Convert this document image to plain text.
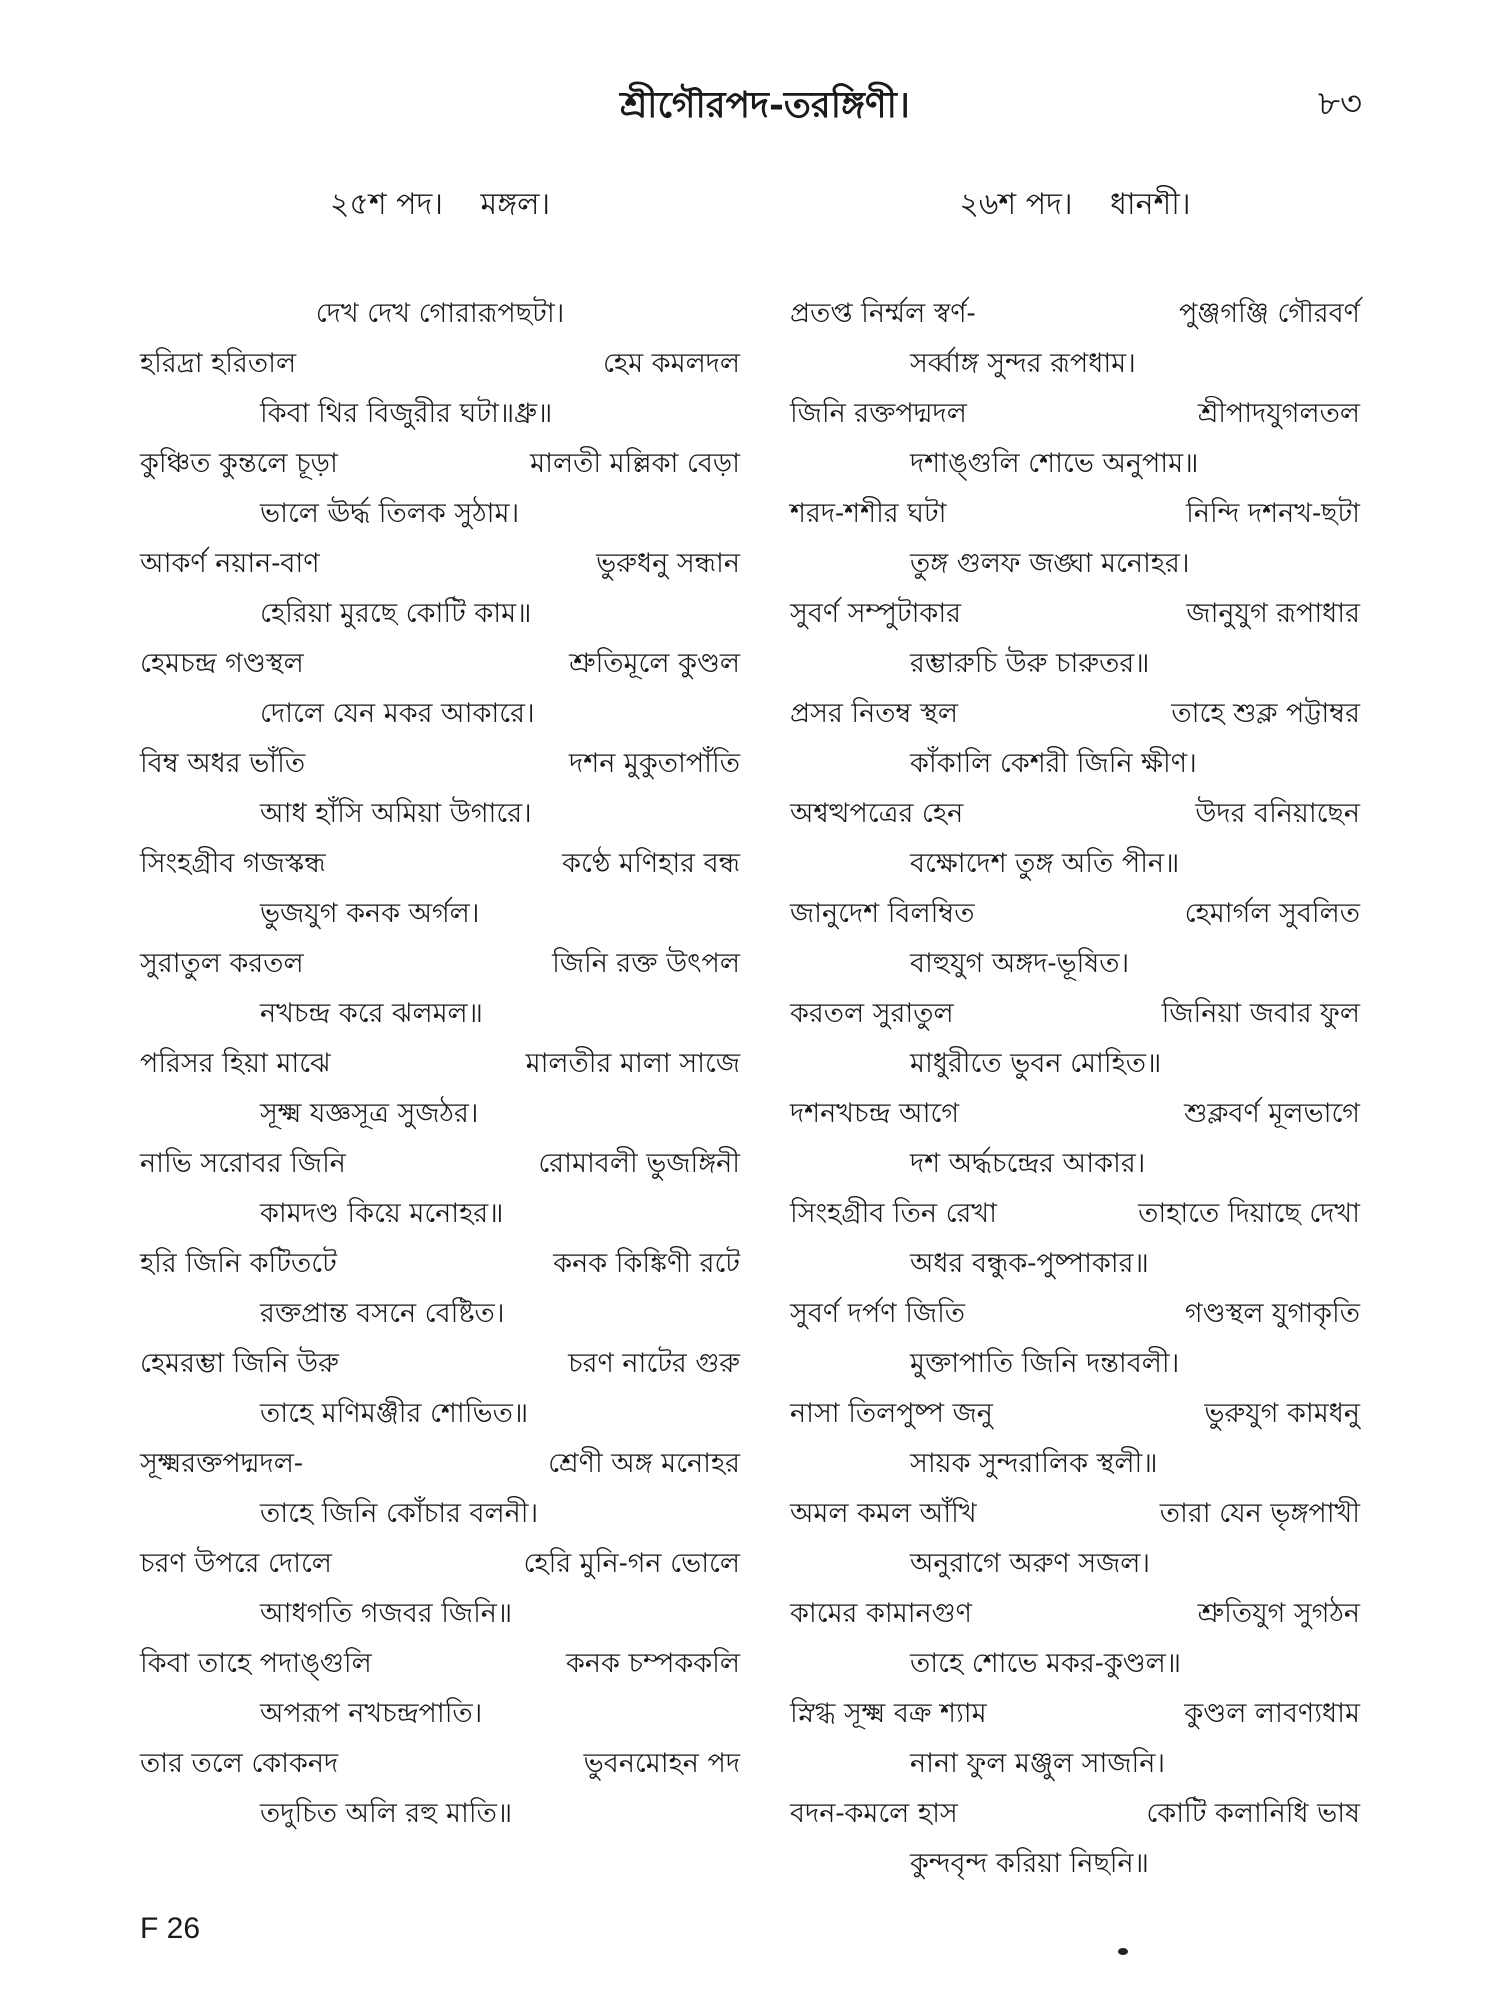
শ্রীগৌরপদ-তরঙ্গিণী।	৮৩
২৫শ পদ। মঙ্গল।
দেখ দেখ গোরারূপছটা।
হরিদ্রা হরিতাল	হেম কমলদল
কিবা থির বিজুরীর ঘটা॥ধ্রু॥
কুঞ্চিত কুন্তলে চূড়া	মালতী মল্লিকা বেড়া
ভালে ঊর্দ্ধ তিলক সুঠাম।
আকর্ণ নয়ান-বাণ	ভুরুধনু সন্ধান
হেরিয়া মুরছে কোটি কাম॥
হেমচন্দ্র গণ্ডস্থল	শ্রুতিমূলে কুণ্ডল
দোলে যেন মকর আকারে।
বিম্ব অধর ভাঁতি	দশন মুকুতাপাঁতি
আধ হাঁসি অমিয়া উগারে।
সিংহগ্রীব গজস্কন্ধ	কণ্ঠে মণিহার বন্ধ
ভুজযুগ কনক অর্গল।
সুরাতুল করতল	জিনি রক্ত উৎপল
নখচন্দ্র করে ঝলমল॥
পরিসর হিয়া মাঝে	মালতীর মালা সাজে
সূক্ষ্ম যজ্ঞসূত্র সুজঠর।
নাভি সরোবর জিনি	রোমাবলী ভুজঙ্গিনী
কামদণ্ড কিয়ে মনোহর॥
হরি জিনি কটিতটে	কনক কিঙ্কিণী রটে
রক্তপ্রান্ত বসনে বেষ্টিত।
হেমরম্ভা জিনি উরু	চরণ নাটের গুরু
তাহে মণিমঞ্জীর শোভিত॥
সূক্ষ্মরক্তপদ্মদল-	শ্রেণী অঙ্গ মনোহর
তাহে জিনি কোঁচার বলনী।
চরণ উপরে দোলে	হেরি মুনি-গন ভোলে
আধগতি গজবর জিনি॥
কিবা তাহে পদাঙ্গুলি	কনক চম্পককলি
অপরূপ নখচন্দ্রপাতি।
তার তলে কোকনদ	ভুবনমোহন পদ
তদুচিত অলি রহু মাতি॥
২৬শ পদ। ধানশী।
প্রতপ্ত নির্ম্মল স্বর্ণ-	পুঞ্জগঞ্জি গৌরবর্ণ
সর্ব্বাঙ্গ সুন্দর রূপধাম।
জিনি রক্তপদ্মদল	শ্রীপাদযুগলতল
দশাঙ্গুলি শোভে অনুপাম॥
শরদ-শশীর ঘটা	নিন্দি দশনখ-ছটা
তুঙ্গ গুলফ জঙ্ঘা মনোহর।
সুবর্ণ সম্পুটাকার	জানুযুগ রূপাধার
রম্ভারুচি উরু চারুতর॥
প্রসর নিতম্ব স্থল	তাহে শুক্ল পট্টাম্বর
কাঁকালি কেশরী জিনি ক্ষীণ।
অশ্বত্থপত্রের হেন	উদর বনিয়াছেন
বক্ষোদেশ তুঙ্গ অতি পীন॥
জানুদেশ বিলম্বিত	হেমার্গল সুবলিত
বাহুযুগ অঙ্গদ-ভূষিত।
করতল সুরাতুল	জিনিয়া জবার ফুল
মাধুরীতে ভুবন মোহিত॥
দশনখচন্দ্র আগে	শুক্লবর্ণ মূলভাগে
দশ অর্দ্ধচন্দ্রের আকার।
সিংহগ্রীব তিন রেখা	তাহাতে দিয়াছে দেখা
অধর বন্ধুক-পুষ্পাকার॥
সুবর্ণ দর্পণ জিতি	গণ্ডস্থল যুগাকৃতি
মুক্তাপাতি জিনি দন্তাবলী।
নাসা তিলপুষ্প জনু	ভুরুযুগ কামধনু
সায়ক সুন্দরালিক স্থলী॥
অমল কমল আঁখি	তারা যেন ভৃঙ্গপাখী
অনুরাগে অরুণ সজল।
কামের কামানগুণ	শ্রুতিযুগ সুগঠন
তাহে শোভে মকর-কুণ্ডল॥
স্নিগ্ধ সূক্ষ্ম বক্র শ্যাম	কুণ্ডল লাবণ্যধাম
নানা ফুল মঞ্জুল সাজনি।
বদন-কমলে হাস	কোটি কলানিধি ভাষ
কুন্দবৃন্দ করিয়া নিছনি॥
F 26
